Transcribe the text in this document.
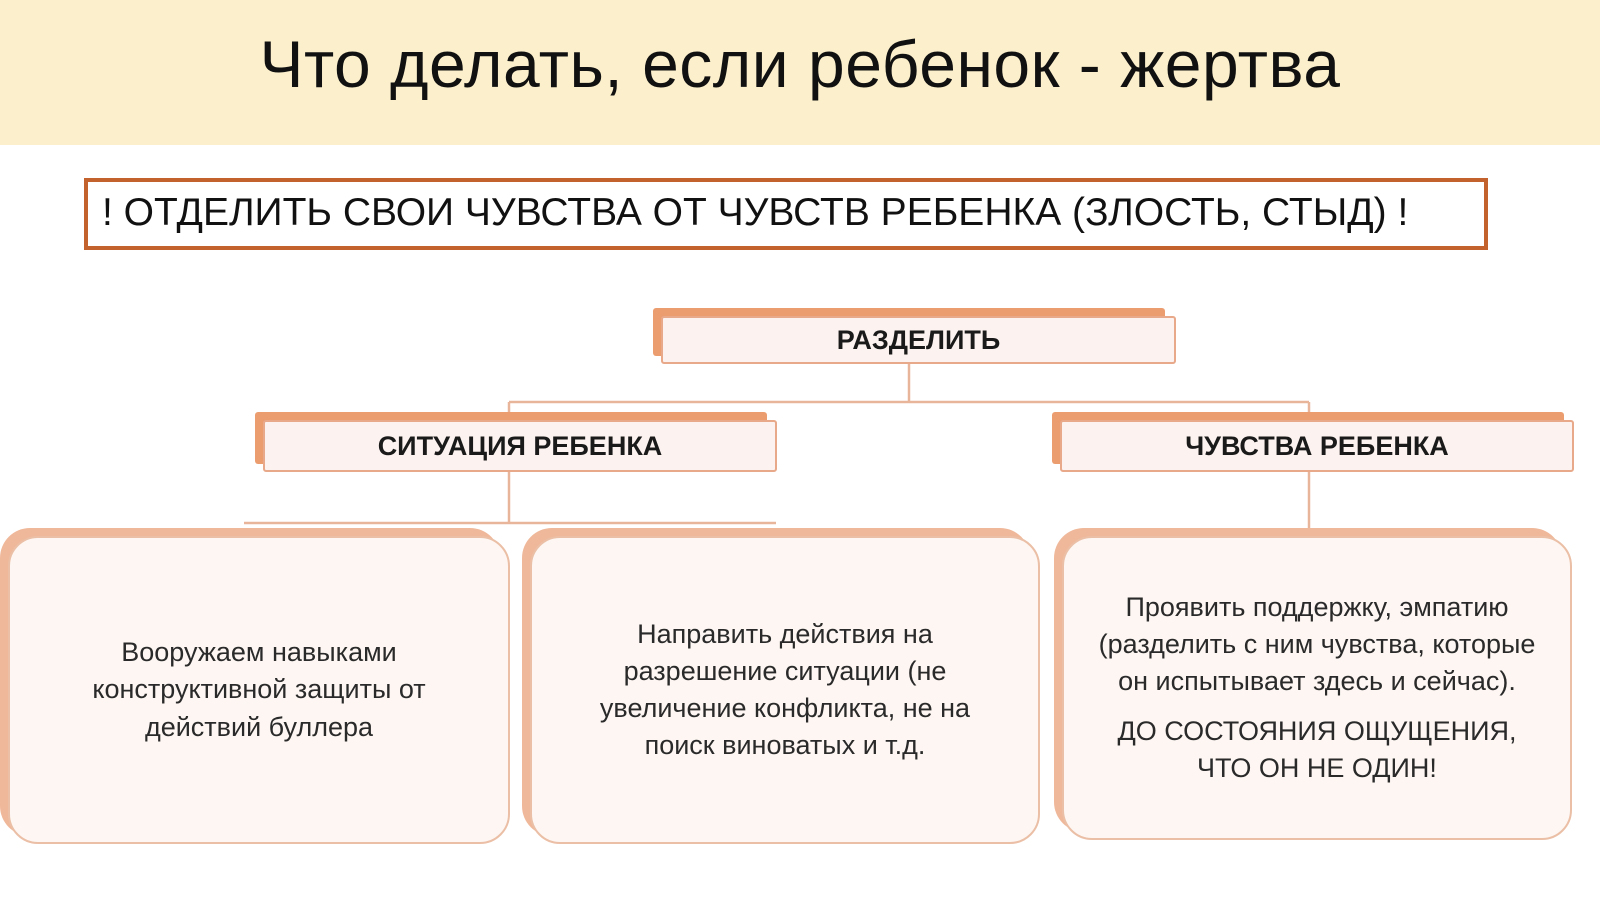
Что делать, если ребенок - жертва
! ОТДЕЛИТЬ СВОИ ЧУВСТВА ОТ ЧУВСТВ РЕБЕНКА (ЗЛОСТЬ, СТЫД) !
РАЗДЕЛИТЬ
СИТУАЦИЯ РЕБЕНКА	ЧУВСТВА РЕБЕНКА

Вооружаем навыками конструктивной защиты от действий буллера

Направить действия на разрешение ситуации (не увеличение конфликта, не на поиск виноватых и т.д.

Проявить поддержку, эмпатию (разделить с ним чувства, которые он испытывает здесь и сейчас).

ДО СОСТОЯНИЯ ОЩУЩЕНИЯ, ЧТО ОН НЕ ОДИН!
